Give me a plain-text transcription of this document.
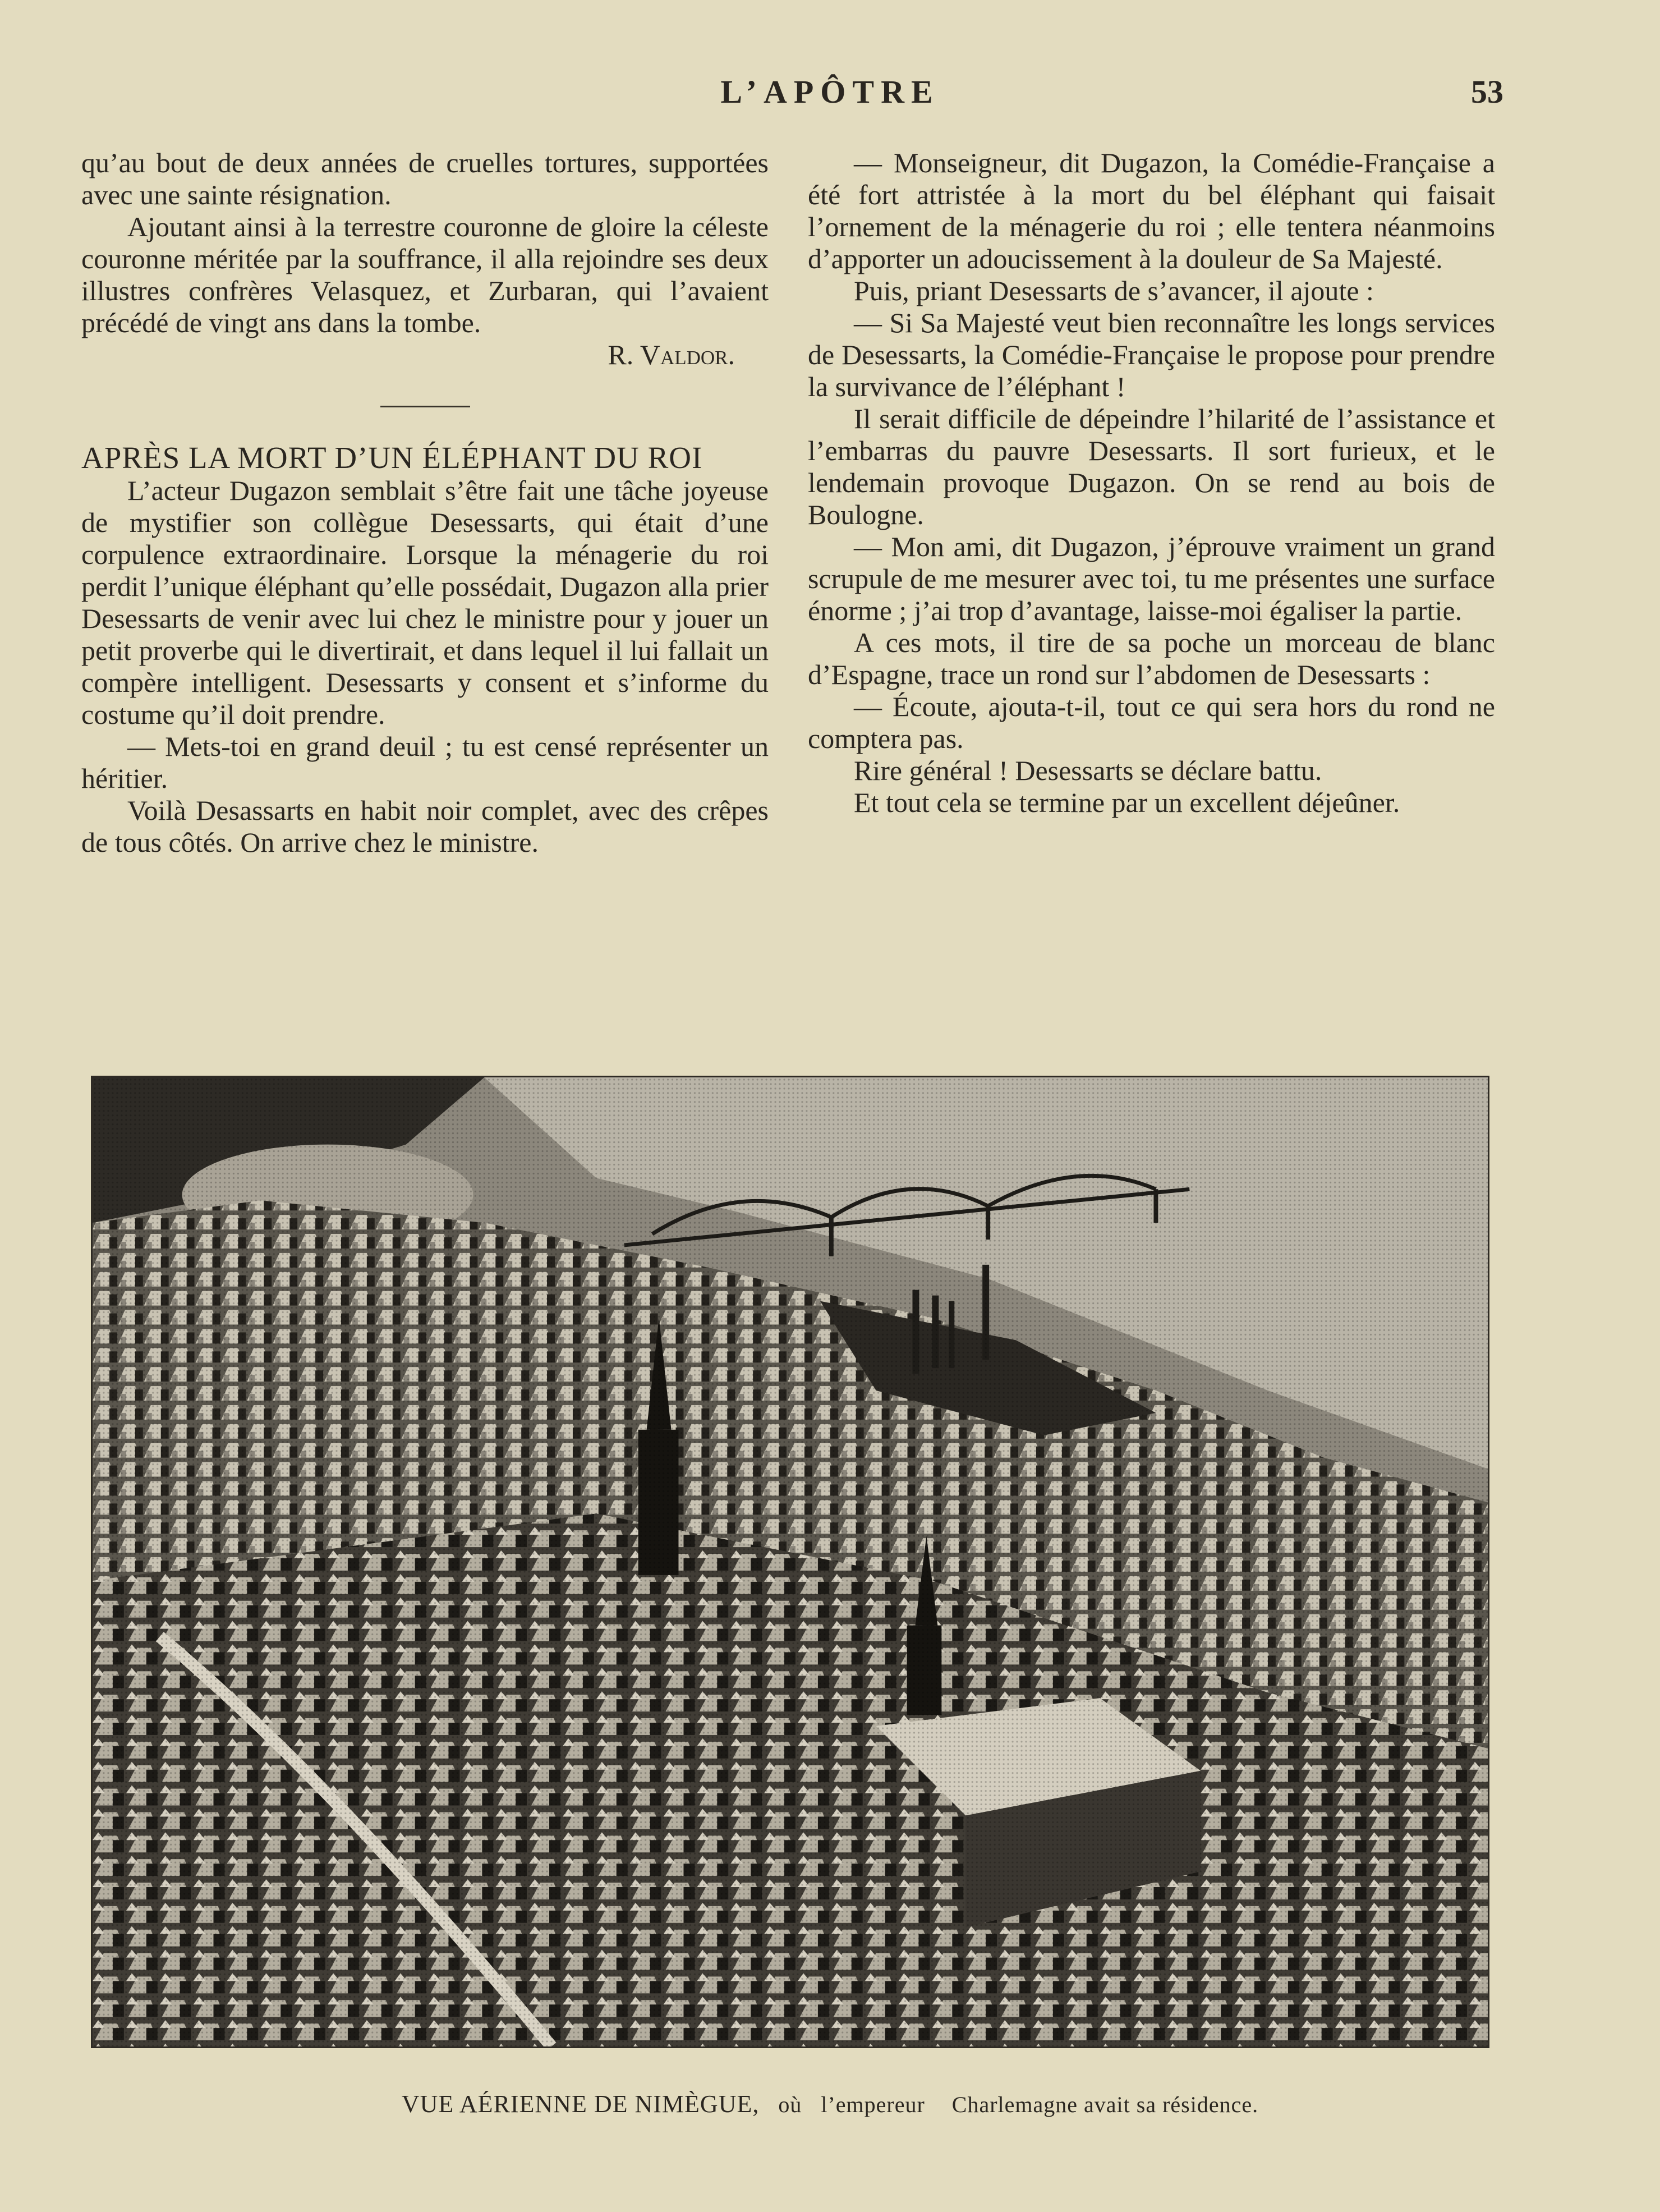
L’APÔTRE	53

qu’au bout de deux années de cruelles tortures, supportées avec une sainte résignation.

Ajoutant ainsi à la terrestre couronne de gloire la céleste couronne méritée par la souffrance, il alla rejoindre ses deux illustres confrères Velasquez, et Zurbaran, qui l’avaient précédé de vingt ans dans la tombe.

R. Valdor.

APRÈS LA MORT D’UN ÉLÉPHANT DU ROI

L’acteur Dugazon semblait s’être fait une tâche joyeuse de mystifier son collègue Desessarts, qui était d’une corpulence extraordinaire. Lorsque la ménagerie du roi perdit l’unique éléphant qu’elle possédait, Dugazon alla prier Desessarts de venir avec lui chez le ministre pour y jouer un petit proverbe qui le divertirait, et dans lequel il lui fallait un compère intelligent. Desessarts y consent et s’informe du costume qu’il doit prendre.

— Mets-toi en grand deuil ; tu est censé représenter un héritier.

Voilà Desassarts en habit noir complet, avec des crêpes de tous côtés. On arrive chez le ministre.

— Monseigneur, dit Dugazon, la Comédie-Française a été fort attristée à la mort du bel éléphant qui faisait l’ornement de la ménagerie du roi ; elle tentera néanmoins d’apporter un adoucissement à la douleur de Sa Majesté.

Puis, priant Desessarts de s’avancer, il ajoute :

— Si Sa Majesté veut bien reconnaître les longs services de Desessarts, la Comédie-Française le propose pour prendre la survivance de l’éléphant !

Il serait difficile de dépeindre l’hilarité de l’assistance et l’embarras du pauvre Desessarts. Il sort furieux, et le lendemain provoque Dugazon. On se rend au bois de Boulogne.

— Mon ami, dit Dugazon, j’éprouve vraiment un grand scrupule de me mesurer avec toi, tu me présentes une surface énorme ; j’ai trop d’avantage, laisse-moi égaliser la partie.

A ces mots, il tire de sa poche un morceau de blanc d’Espagne, trace un rond sur l’abdomen de Desessarts :

— Écoute, ajouta-t-il, tout ce qui sera hors du rond ne comptera pas.

Rire général ! Desessarts se déclare battu.

Et tout cela se termine par un excellent déjeûner.

VUE AÉRIENNE DE NIMÈGUE, où l’empereur Charlemagne avait sa résidence.
